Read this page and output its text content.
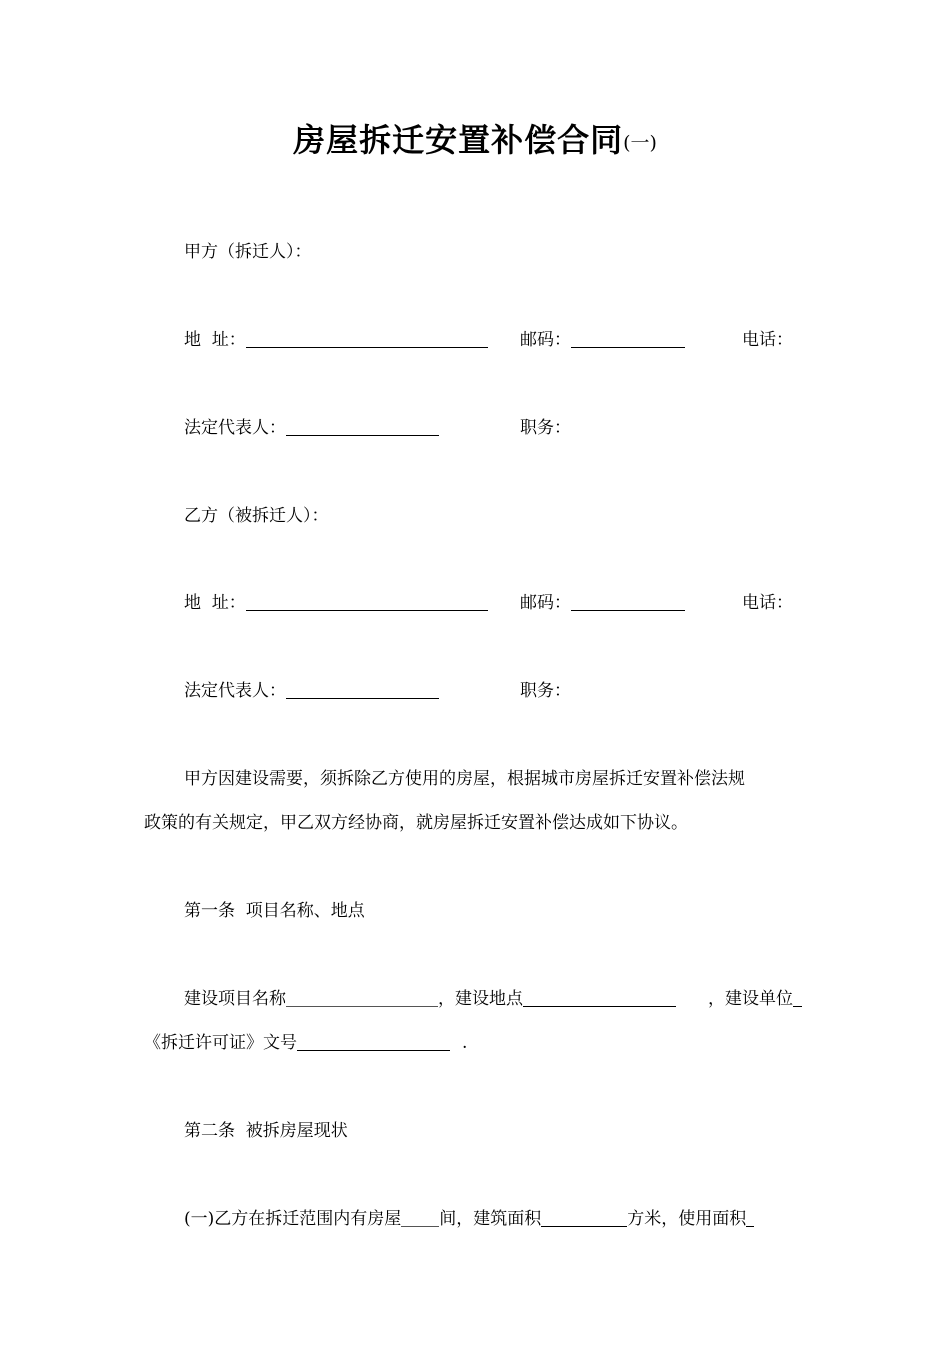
房屋拆迁安置补偿合同(一)
甲方（拆迁人）：
地  址：	邮码：	电话：
法定代表人：	职务：
乙方（被拆迁人）：
地  址：	邮码：	电话：
法定代表人：	职务：
甲方因建设需要，须拆除乙方使用的房屋，根据城市房屋拆迁安置补偿法规
政策的有关规定，甲乙双方经协商，就房屋拆迁安置补偿达成如下协议。
第一条  项目名称、地点
建设项目名称	，建设地点	，建设单位
《拆迁许可证》文号	.
第二条  被拆房屋现状
(一)乙方在拆迁范围内有房屋 间，建筑面积	方米，使用面积
